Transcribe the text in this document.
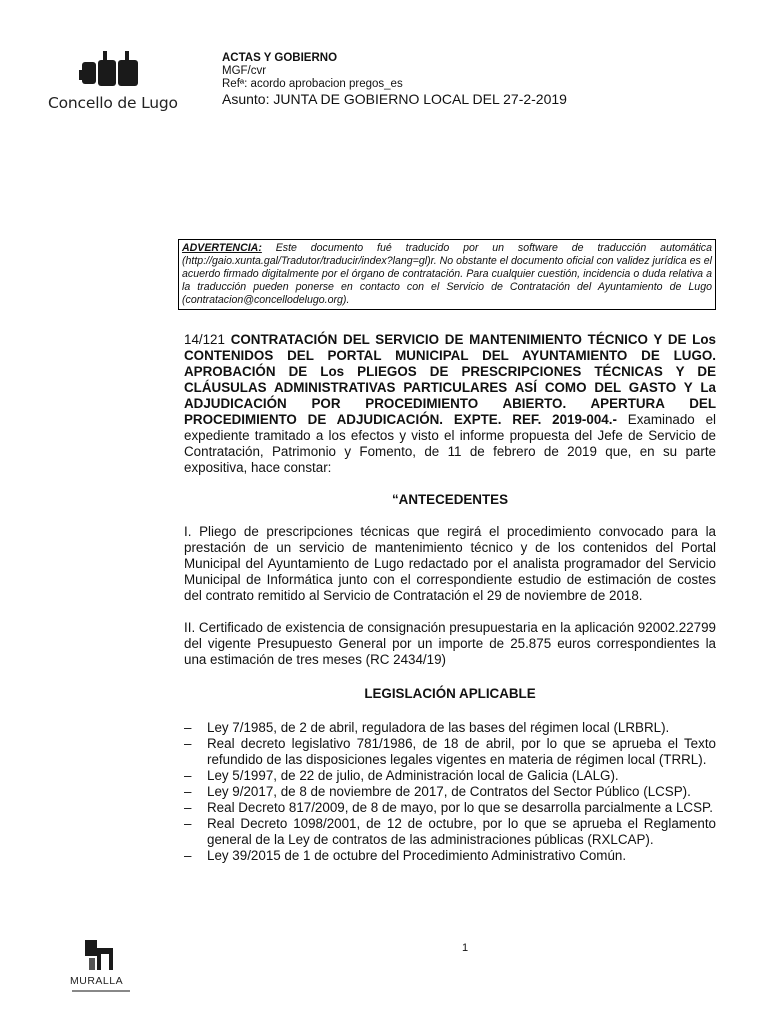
Concello de Lugo
ACTAS Y GOBIERNO
MGF/cvr
Refª: acordo aprobacion pregos_es
Asunto: JUNTA DE GOBIERNO LOCAL DEL 27-2-2019
ADVERTENCIA: Este documento fué traducido por un software de traducción automática (http://gaio.xunta.gal/Tradutor/traducir/index?lang=gl)r. No obstante el documento oficial con validez jurídica es el acuerdo firmado digitalmente por el órgano de contratación. Para cualquier cuestión, incidencia o duda relativa a la traducción pueden ponerse en contacto con el Servicio de Contratación del Ayuntamiento de Lugo (contratacion@concellodelugo.org).

14/121 CONTRATACIÓN DEL SERVICIO DE MANTENIMIENTO TÉCNICO Y DE Los CONTENIDOS DEL PORTAL MUNICIPAL DEL AYUNTAMIENTO DE LUGO. APROBACIÓN DE Los PLIEGOS DE PRESCRIPCIONES TÉCNICAS Y DE CLÁUSULAS ADMINISTRATIVAS PARTICULARES ASÍ COMO DEL GASTO Y La ADJUDICACIÓN POR PROCEDIMIENTO ABIERTO. APERTURA DEL PROCEDIMIENTO DE ADJUDICACIÓN. EXPTE. REF. 2019-004.- Examinado el expediente tramitado a los efectos y visto el informe propuesta del Jefe de Servicio de Contratación, Patrimonio y Fomento, de 11 de febrero de 2019 que, en su parte expositiva, hace constar:

“ANTECEDENTES

I. Pliego de prescripciones técnicas que regirá el procedimiento convocado para la prestación de un servicio de mantenimiento técnico y de los contenidos del Portal Municipal del Ayuntamiento de Lugo redactado por el analista programador del Servicio Municipal de Informática junto con el correspondiente estudio de estimación de costes del contrato remitido al Servicio de Contratación el 29 de noviembre de 2018.

II. Certificado de existencia de consignación presupuestaria en la aplicación 92002.22799 del vigente Presupuesto General por un importe de 25.875 euros correspondientes la una estimación de tres meses (RC 2434/19)

LEGISLACIÓN APLICABLE
– Ley 7/1985, de 2 de abril, reguladora de las bases del régimen local (LRBRL).
– Real decreto legislativo 781/1986, de 18 de abril, por lo que se aprueba el Texto refundido de las disposiciones legales vigentes en materia de régimen local (TRRL).
– Ley 5/1997, de 22 de julio, de Administración local de Galicia (LALG).
– Ley 9/2017, de 8 de noviembre de 2017, de Contratos del Sector Público (LCSP).
– Real Decreto 817/2009, de 8 de mayo, por lo que se desarrolla parcialmente a LCSP.
– Real Decreto 1098/2001, de 12 de octubre, por lo que se aprueba el Reglamento general de la Ley de contratos de las administraciones públicas (RXLCAP).
– Ley 39/2015 de 1 de octubre del Procedimiento Administrativo Común.
1
MURALLA
